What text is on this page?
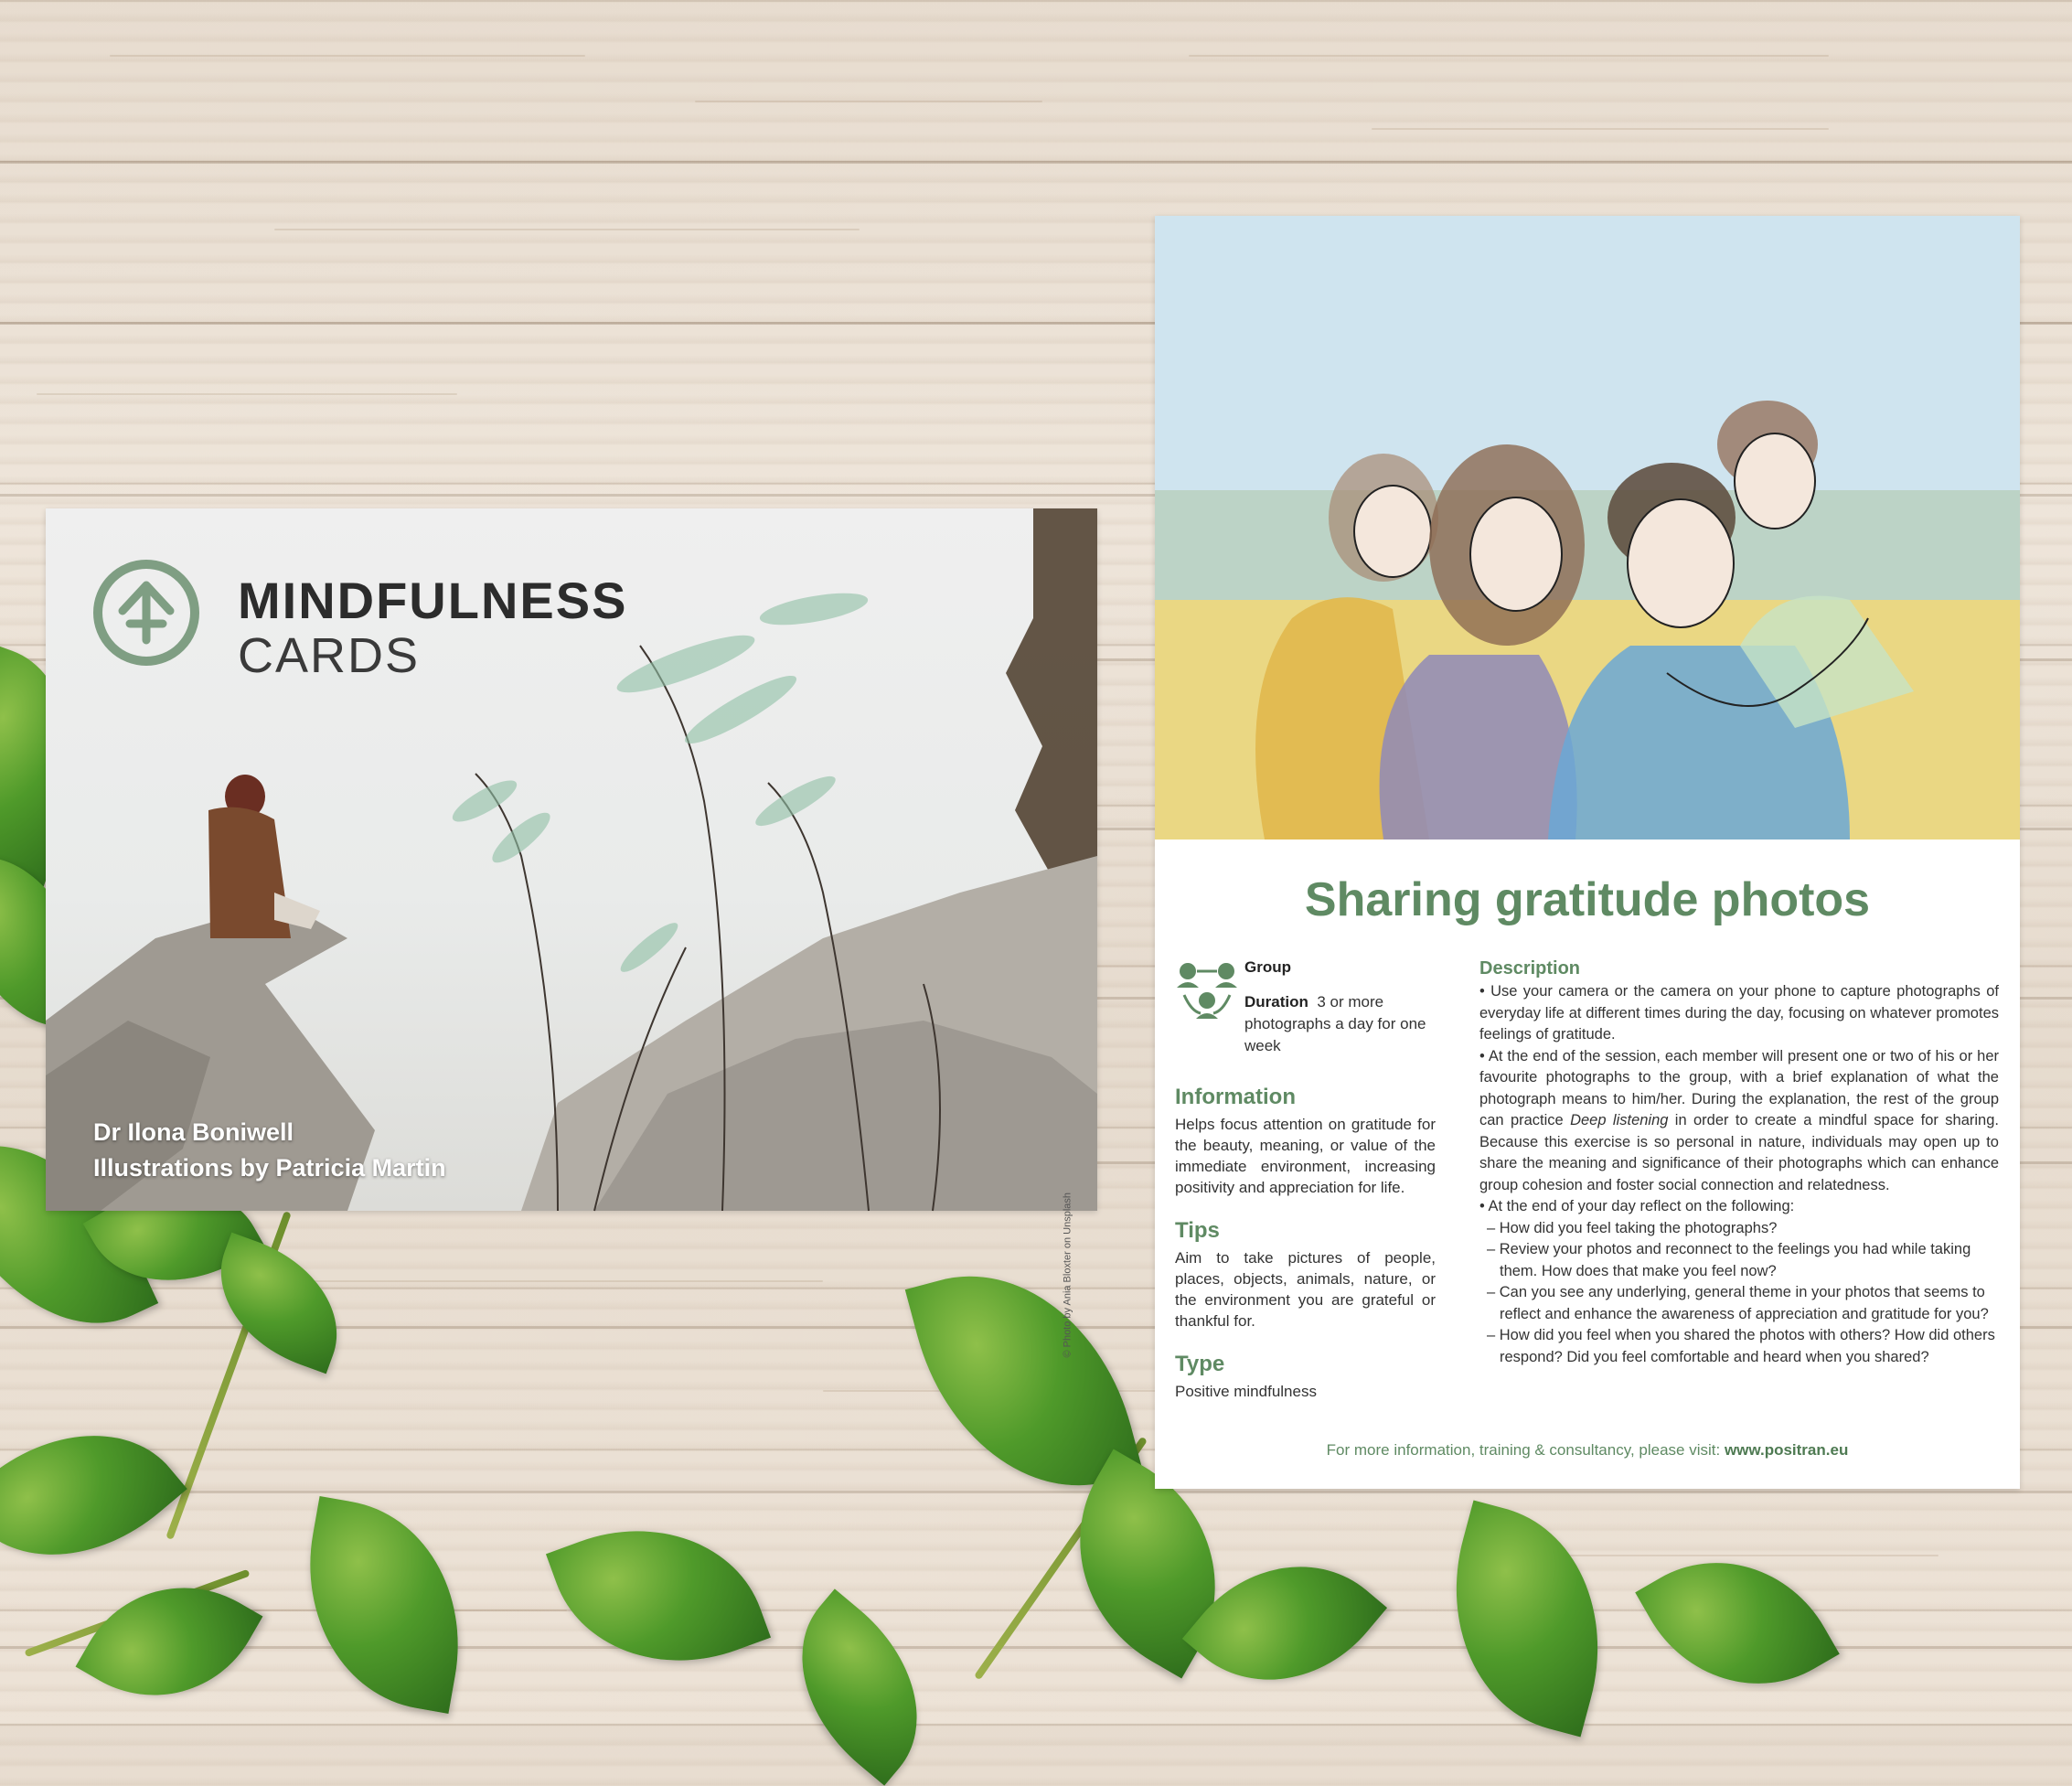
MINDFULNESS
CARDS
Dr Ilona Boniwell
Illustrations by Patricia Martin
© Photo by Ania Bloxter on Unsplash
Sharing gratitude photos
Group
Duration 3 or more photographs a day for one week
Information

Helps focus attention on gratitude for the beauty, meaning, or value of the immediate environment, increasing positivity and appreciation for life.

Tips

Aim to take pictures of people, places, objects, animals, nature, or the environment you are grateful or thankful for.

Type

Positive mindfulness

Description

• Use your camera or the camera on your phone to capture photographs of everyday life at different times during the day, focusing on whatever promotes feelings of gratitude.

• At the end of the session, each member will present one or two of his or her favourite photographs to the group, with a brief explanation of what the photograph means to him/her. During the explanation, the rest of the group can practice Deep listening in order to create a mindful space for sharing. Because this exercise is so personal in nature, individuals may open up to share the meaning and significance of their photographs which can enhance group cohesion and foster social connection and relatedness.

• At the end of your day reflect on the following:

– How did you feel taking the photographs?

– Review your photos and reconnect to the feelings you had while taking them. How does that make you feel now?

– Can you see any underlying, general theme in your photos that seems to reflect and enhance the awareness of appreciation and gratitude for you?

– How did you feel when you shared the photos with others? How did others respond? Did you feel comfortable and heard when you shared?

For more information, training & consultancy, please visit: www.positran.eu
